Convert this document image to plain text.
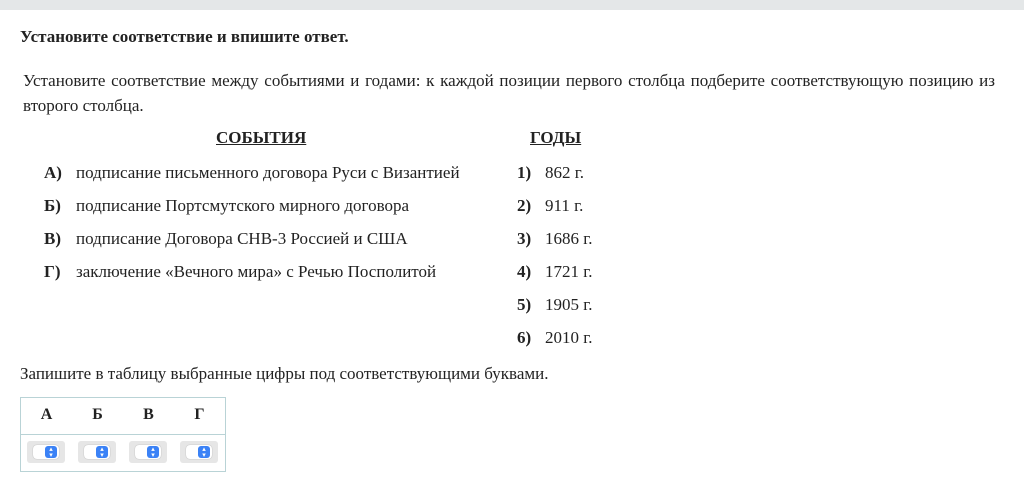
Установите соответствие и впишите ответ.
Установите соответствие между событиями и годами: к каждой позиции первого столбца подберите соответствующую позицию из второго столбца.
СОБЫТИЯ	ГОДЫ
А) подписание письменного договора Руси с Византией
Б) подписание Портсмутского мирного договора
В) подписание Договора СНВ-3 Россией и США
Г) заключение «Вечного мира» с Речью Посполитой
1) 862 г.
2) 911 г.
3) 1686 г.
4) 1721 г.
5) 1905 г.
6) 2010 г.
Запишите в таблицу выбранные цифры под соответствующими буквами.
А	Б	В	Г
▴
▾
▴
▾
▴
▾
▴
▾
